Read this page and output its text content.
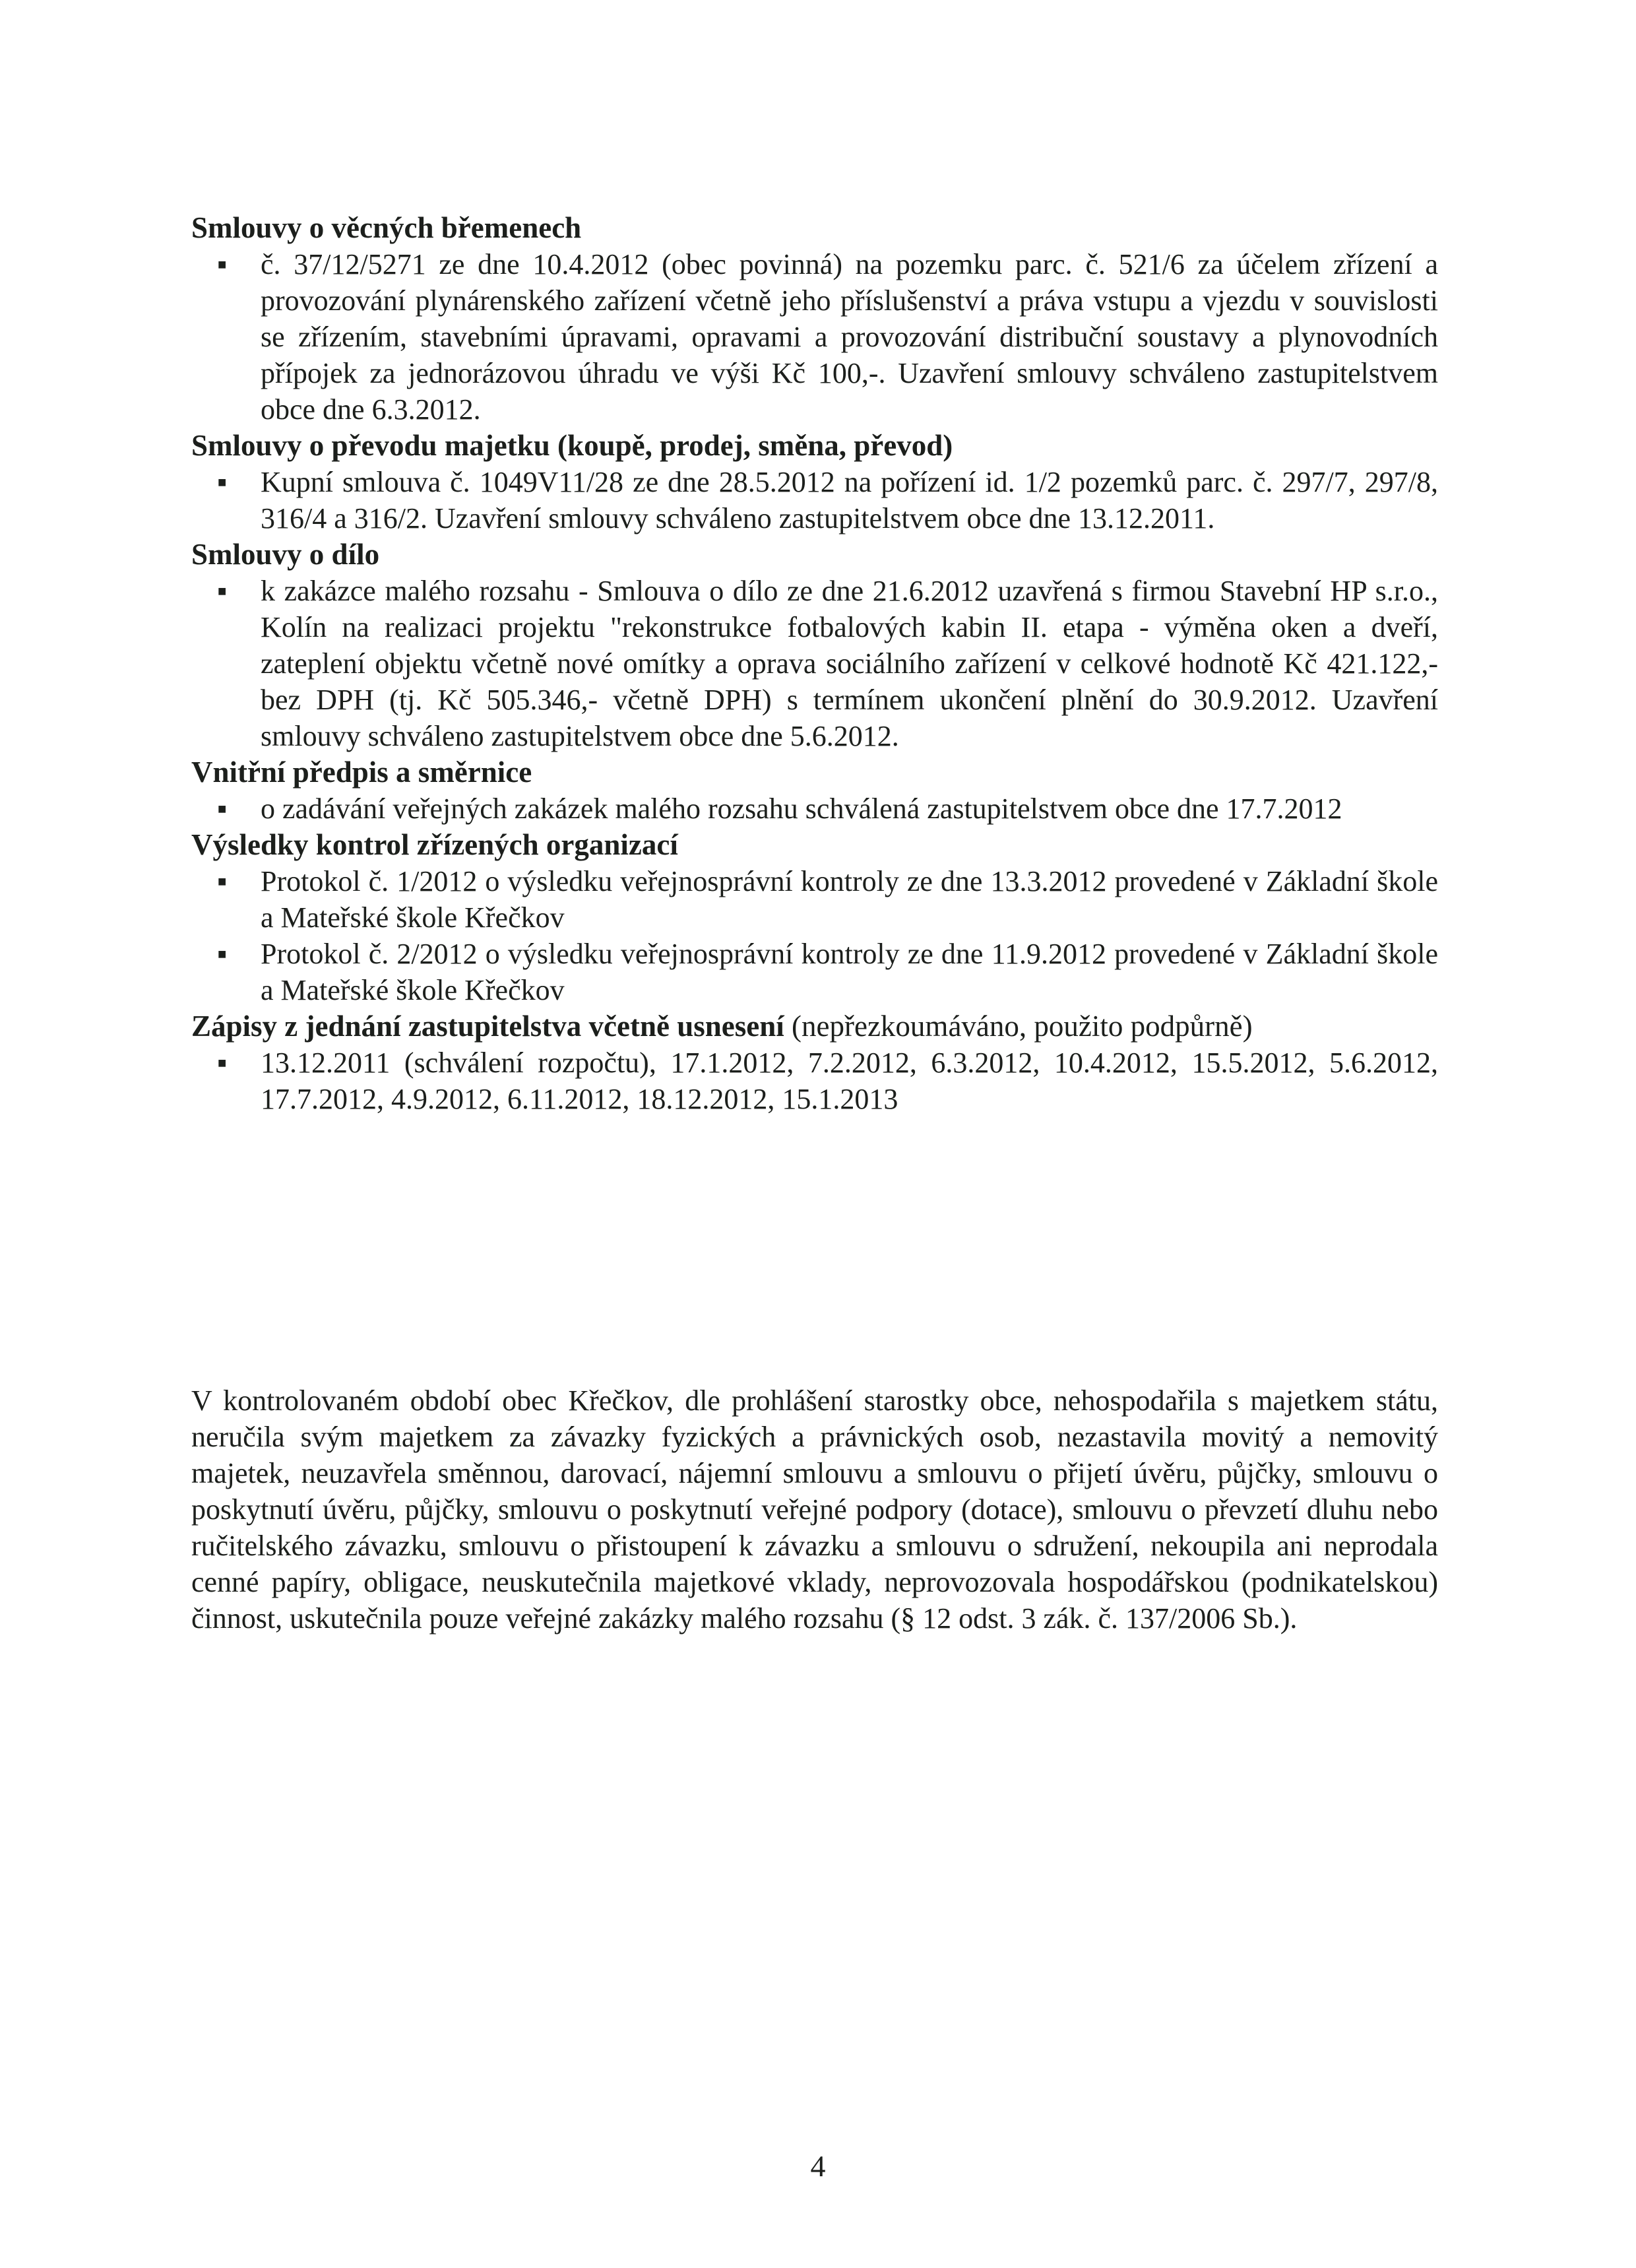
Smlouvy o věcných břemenech

■ č. 37/12/5271 ze dne 10.4.2012 (obec povinná) na pozemku parc. č. 521/6 za účelem zřízení a provozování plynárenského zařízení včetně jeho příslušenství a práva vstupu a vjezdu v souvislosti se zřízením, stavebními úpravami, opravami a provozování distribuční soustavy a plynovodních přípojek za jednorázovou úhradu ve výši Kč 100,-. Uzavření smlouvy schváleno zastupitelstvem obce dne 6.3.2012.

Smlouvy o převodu majetku (koupě, prodej, směna, převod)

■ Kupní smlouva č. 1049V11/28 ze dne 28.5.2012 na pořízení id. 1/2 pozemků parc. č. 297/7, 297/8, 316/4 a 316/2. Uzavření smlouvy schváleno zastupitelstvem obce dne 13.12.2011.

Smlouvy o dílo

■ k zakázce malého rozsahu - Smlouva o dílo ze dne 21.6.2012 uzavřená s firmou Stavební HP s.r.o., Kolín na realizaci projektu "rekonstrukce fotbalových kabin II. etapa - výměna oken a dveří, zateplení objektu včetně nové omítky a oprava sociálního zařízení v celkové hodnotě Kč 421.122,- bez DPH (tj. Kč 505.346,- včetně DPH) s termínem ukončení plnění do 30.9.2012. Uzavření smlouvy schváleno zastupitelstvem obce dne 5.6.2012.

Vnitřní předpis a směrnice

■ o zadávání veřejných zakázek malého rozsahu schválená zastupitelstvem obce dne 17.7.2012

Výsledky kontrol zřízených organizací

■ Protokol č. 1/2012 o výsledku veřejnosprávní kontroly ze dne 13.3.2012 provedené v Základní škole a Mateřské škole Křečkov
■ Protokol č. 2/2012 o výsledku veřejnosprávní kontroly ze dne 11.9.2012 provedené v Základní škole a Mateřské škole Křečkov

Zápisy z jednání zastupitelstva včetně usnesení (nepřezkoumáváno, použito podpůrně)

■ 13.12.2011 (schválení rozpočtu), 17.1.2012, 7.2.2012, 6.3.2012, 10.4.2012, 15.5.2012, 5.6.2012, 17.7.2012, 4.9.2012, 6.11.2012, 18.12.2012, 15.1.2013

V kontrolovaném období obec Křečkov, dle prohlášení starostky obce, nehospodařila s majetkem státu, neručila svým majetkem za závazky fyzických a právnických osob, nezastavila movitý a nemovitý majetek, neuzavřela směnnou, darovací, nájemní smlouvu a smlouvu o přijetí úvěru, půjčky, smlouvu o poskytnutí úvěru, půjčky, smlouvu o poskytnutí veřejné podpory (dotace), smlouvu o převzetí dluhu nebo ručitelského závazku, smlouvu o přistoupení k závazku a smlouvu o sdružení, nekoupila ani neprodala cenné papíry, obligace, neuskutečnila majetkové vklady, neprovozovala hospodářskou (podnikatelskou) činnost, uskutečnila pouze veřejné zakázky malého rozsahu (§ 12 odst. 3 zák. č. 137/2006 Sb.).

4
